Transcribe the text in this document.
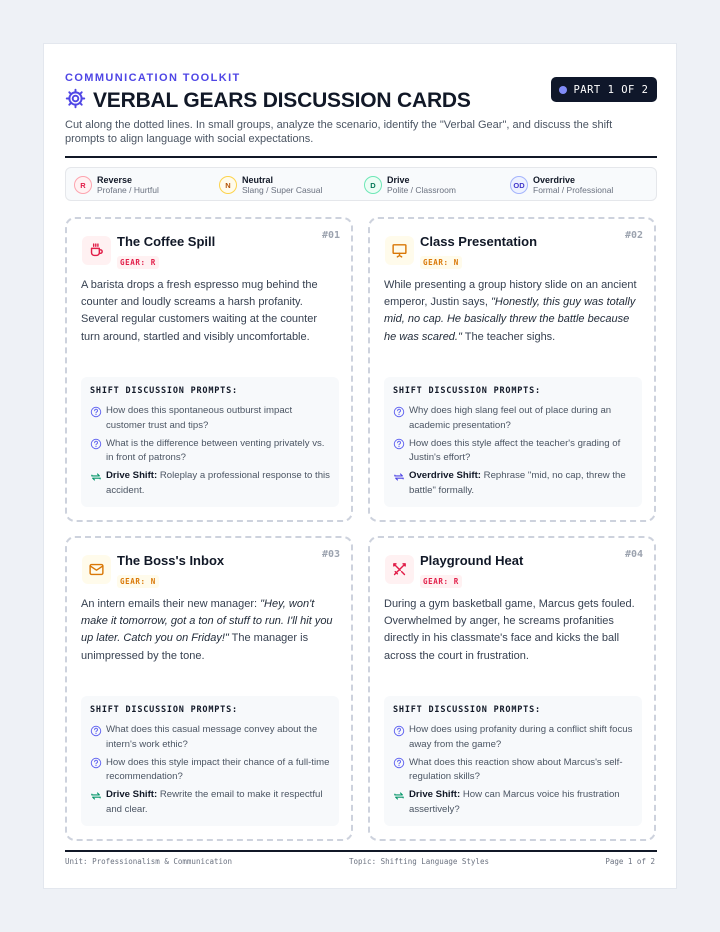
COMMUNICATION TOOLKIT
VERBAL GEARS DISCUSSION CARDS	PART 1 OF 2
Cut along the dotted lines. In small groups, analyze the scenario, identify the "Verbal Gear", and discuss the shift prompts to align language with social expectations.
R	Reverse
Profane / Hurtful	N	Neutral
Slang / Super Casual	D	Drive
Polite / Classroom	OD Overdrive
Formal / Professional
The Coffee Spill
GEAR: R
#01
A barista drops a fresh espresso mug behind the counter and loudly screams a harsh profanity. Several regular customers waiting at the counter turn around, startled and visibly uncomfortable.
SHIFT DISCUSSION PROMPTS:
How does this spontaneous outburst impact customer trust and tips?
What is the difference between venting privately vs. in front of patrons?
Drive Shift: Roleplay a professional response to this accident.
Class Presentation
GEAR: N
#02
While presenting a group history slide on an ancient emperor, Justin says, "Honestly, this guy was totally mid, no cap. He basically threw the battle because he was scared." The teacher sighs.
SHIFT DISCUSSION PROMPTS:
Why does high slang feel out of place during an academic presentation?
How does this style affect the teacher's grading of Justin's effort?
Overdrive Shift: Rephrase "mid, no cap, threw the battle" formally.
The Boss's Inbox
GEAR: N
#03
An intern emails their new manager: "Hey, won't make it tomorrow, got a ton of stuff to run. I'll hit you up later. Catch you on Friday!" The manager is unimpressed by the tone.
SHIFT DISCUSSION PROMPTS:
What does this casual message convey about the intern's work ethic?
How does this style impact their chance of a full-time recommendation?
Drive Shift: Rewrite the email to make it respectful and clear.
Playground Heat
GEAR: R
#04
During a gym basketball game, Marcus gets fouled. Overwhelmed by anger, he screams profanities directly in his classmate's face and kicks the ball across the court in frustration.
SHIFT DISCUSSION PROMPTS:
How does using profanity during a conflict shift focus away from the game?
What does this reaction show about Marcus's self-regulation skills?
Drive Shift: How can Marcus voice his frustration assertively?
Unit: Professionalism & Communication	Topic: Shifting Language Styles	Page 1 of 2
